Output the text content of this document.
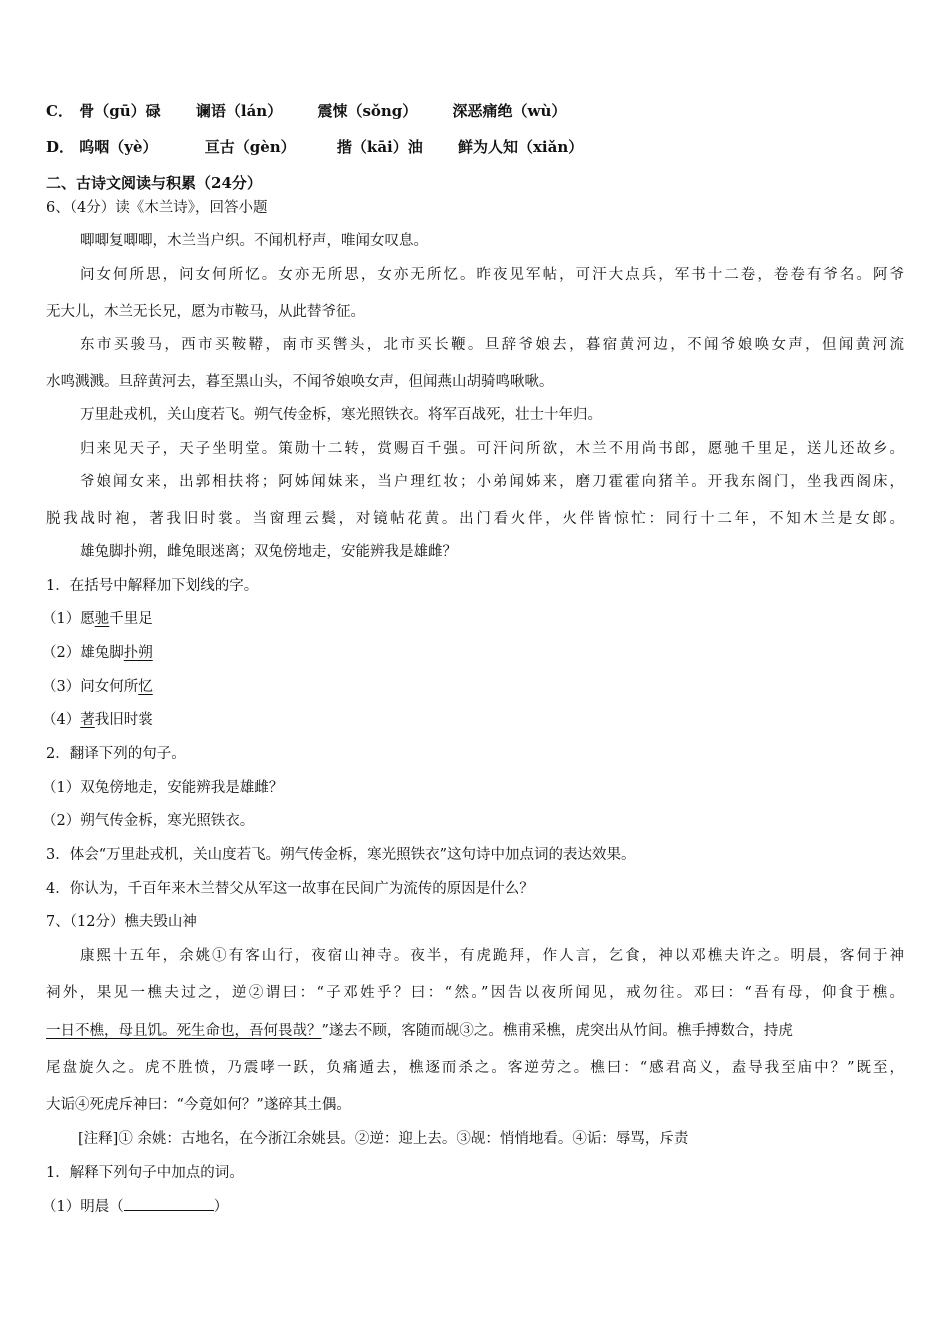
C． 骨（gū）碌 谰语（lán） 震悚（sǒng） 深恶痛绝（wù）
D． 呜咽（yè）	亘古（gèn）	揩（kāi）油 鲜为人知（xiǎn）
二、古诗文阅读与积累（24分）
6、（4分）读《木兰诗》，回答小题
唧唧复唧唧，木兰当户织。不闻机杼声，唯闻女叹息。
问女何所思，问女何所忆。女亦无所思，女亦无所忆。昨夜见军帖，可汗大点兵，军书十二卷，卷卷有爷名。阿爷
无大儿，木兰无长兄，愿为市鞍马，从此替爷征。
东市买骏马，西市买鞍鞯，南市买辔头，北市买长鞭。旦辞爷娘去，暮宿黄河边，不闻爷娘唤女声，但闻黄河流
水鸣溅溅。旦辞黄河去，暮至黑山头，不闻爷娘唤女声，但闻燕山胡骑鸣啾啾。
万里赴戎机，关山度若飞。朔气传金柝，寒光照铁衣。将军百战死，壮士十年归。
归来见天子，天子坐明堂。策勋十二转，赏赐百千强。可汗问所欲，木兰不用尚书郎，愿驰千里足，送儿还故乡。
爷娘闻女来，出郭相扶将；阿姊闻妹来，当户理红妆；小弟闻姊来，磨刀霍霍向猪羊。开我东阁门，坐我西阁床，
脱我战时袍，著我旧时裳。当窗理云鬓，对镜帖花黄。出门看火伴，火伴皆惊忙：同行十二年，不知木兰是女郎。
雄兔脚扑朔，雌兔眼迷离；双兔傍地走，安能辨我是雄雌？
1．在括号中解释加下划线的字。
（1）愿驰千里足
（2）雄兔脚扑朔
（3）问女何所忆
（4）著我旧时裳
2．翻译下列的句子。
（1）双兔傍地走，安能辨我是雄雌？
（2）朔气传金柝，寒光照铁衣。
3．体会“万里赴戎机，关山度若飞。朔气传金柝，寒光照铁衣”这句诗中加点词的表达效果。
4．你认为，千百年来木兰替父从军这一故事在民间广为流传的原因是什么？
7、（12分）樵夫毁山神
康熙十五年，余姚①有客山行，夜宿山神寺。夜半，有虎跪拜，作人言，乞食，神以邓樵夫许之。明晨，客伺于神
祠外，果见一樵夫过之，逆②谓曰：“子邓姓乎？曰：“然。”因告以夜所闻见，戒勿往。邓曰：“吾有母，仰食于樵。
一日不樵，母且饥。死生命也，吾何畏哉？”遂去不顾，客随而觇③之。樵甫采樵，虎突出从竹间。樵手搏数合，持虎
尾盘旋久之。虎不胜愤，乃震哮一跃，负痛遁去，樵逐而杀之。客逆劳之。樵曰：“感君高义，盍导我至庙中？”既至，
大诟④死虎斥神曰：“今竟如何？”遂碎其土偶。
[注释]① 余姚：古地名，在今浙江余姚县。②逆：迎上去。③觇：悄悄地看。④诟：辱骂，斥责
1．解释下列句子中加点的词。
（1）明晨（	）
